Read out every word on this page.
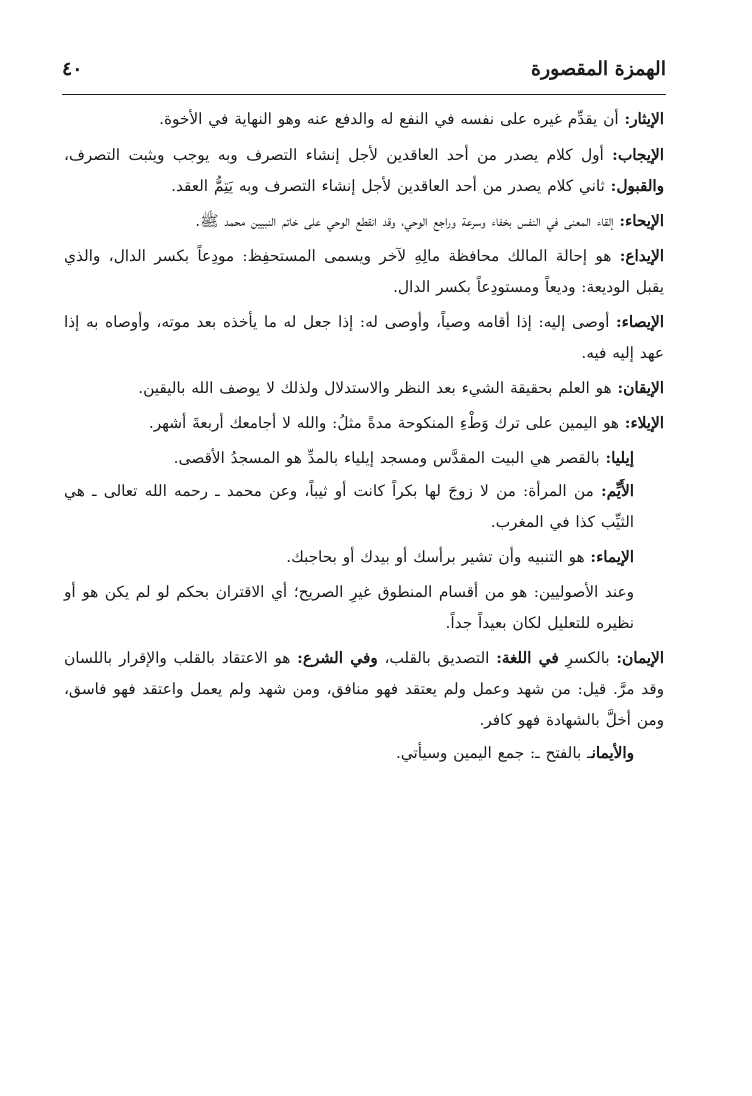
الهمزة المقصورة
٤٠

الإيثار: أن يقدِّم غيره على نفسه في النفع له والدفع عنه وهو النهاية في الأخوة.

الإيجاب: أول كلام يصدر من أحد العاقدين لأجل إنشاء التصرف وبه يوجب ويثبت التصرف، والقبول: ثاني كلام يصدر من أحد العاقدين لأجل إنشاء التصرف وبه يَتِمُّ العقد.

الإيحاء: إلقاء المعنى في النفس بخفاء وسرعة وراجع الوحي، وقد انقطع الوحي على خاتم النبيين محمد ﷺ.

الإيداع: هو إحالة المالك محافظة مالِهِ لآخر ويسمى المستحفِظ: مودِعاً بكسر الدال، والذي يقبل الوديعة: وديعاً ومستودِعاً بكسر الدال.

الإيصاء: أوصى إليه: إذا أقامه وصياً، وأوصى له: إذا جعل له ما يأخذه بعد موته، وأوصاه به إذا عهد إليه فيه.

الإيقان: هو العلم بحقيقة الشيء بعد النظر والاستدلال ولذلك لا يوصف الله باليقين.

الإيلاء: هو اليمين على ترك وَطْءِ المنكوحة مدةً مثلُ: والله لا أجامعك أربعةَ أشهر.

إيليا: بالقصر هي البيت المقدَّس ومسجد إيلياء بالمدِّ هو المسجدُ الأقصى.

الأَيِّم: من المرأة: من لا زوجَ لها بكراً كانت أو ثيباً، وعن محمد ـ رحمه الله تعالى ـ هي الثيِّب كذا في المغرب.

الإيماء: هو التنبيه وأن تشير برأسك أو بيدك أو بحاجبك.

وعند الأصوليين: هو من أقسام المنطوق غيرِ الصريح؛ أي الاقتران بحكم لو لم يكن هو أو نظيره للتعليل لكان بعيداً جداً.

الإيمان: بالكسرِ في اللغة: التصديق بالقلب، وفي الشرع: هو الاعتقاد بالقلب والإقرار باللسان وقد مرَّ. قيل: من شهد وعمل ولم يعتقد فهو منافق، ومن شهد ولم يعمل واعتقد فهو فاسق، ومن أخلَّ بالشهادة فهو كافر.

والأيمانـ بالفتح ـ: جمع اليمين وسيأتي.
